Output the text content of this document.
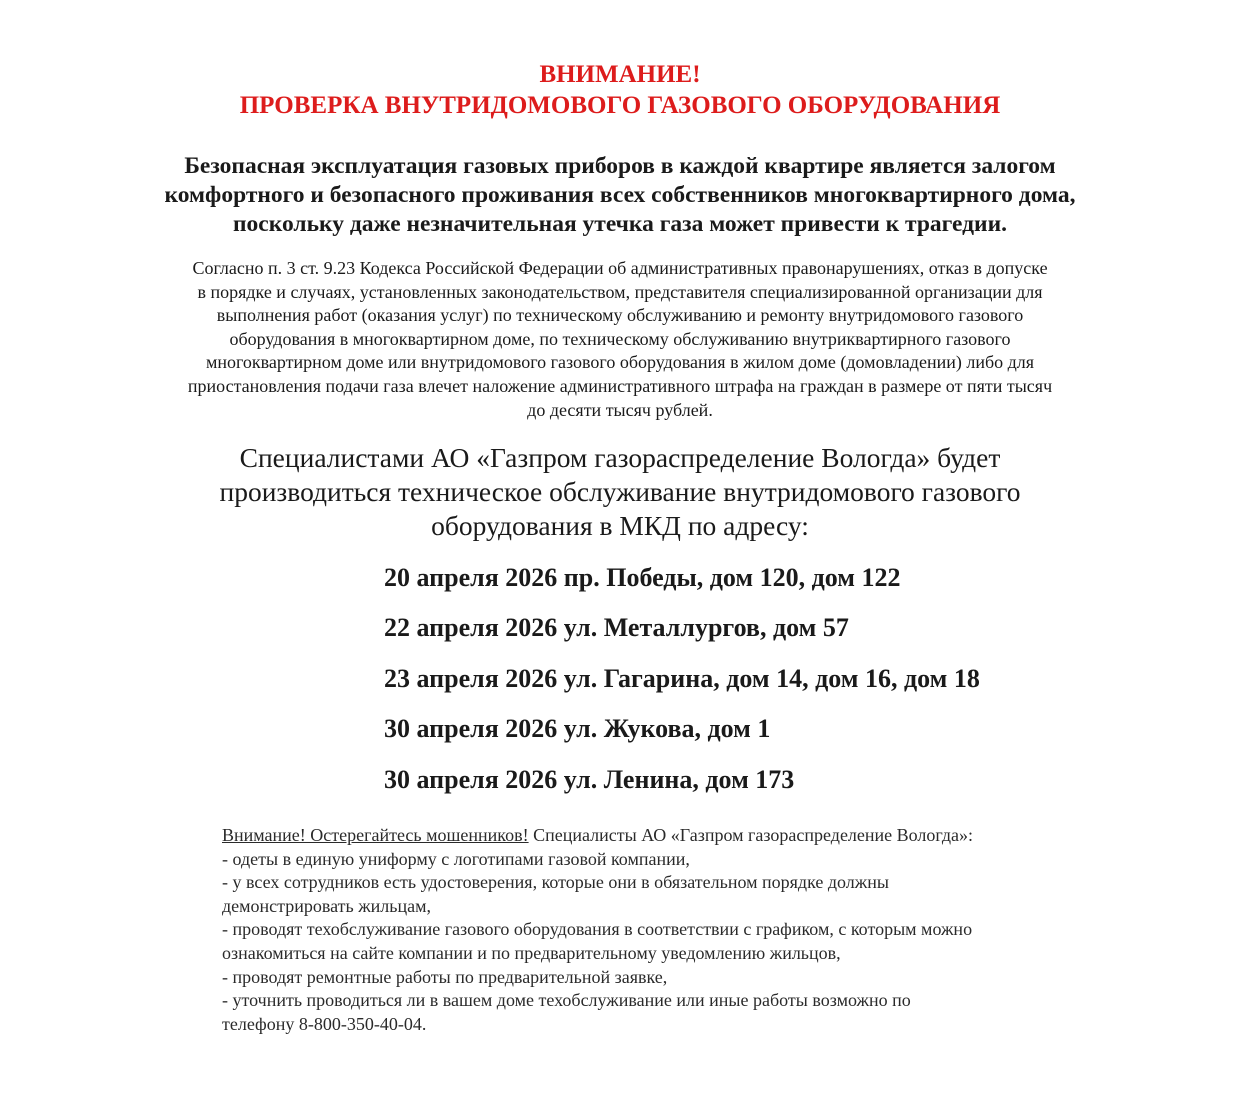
ВНИМАНИЕ!

ПРОВЕРКА ВНУТРИДОМОВОГО ГАЗОВОГО ОБОРУДОВАНИЯ

Безопасная эксплуатация газовых приборов в каждой квартире является залогом
комфортного и безопасного проживания всех собственников многоквартирного дома,
поскольку даже незначительная утечка газа может привести к трагедии.

Согласно п. 3 ст. 9.23 Кодекса Российской Федерации об административных правонарушениях, отказ в допуске
в порядке и случаях, установленных законодательством, представителя специализированной организации для
выполнения работ (оказания услуг) по техническому обслуживанию и ремонту внутридомового газового
оборудования в многоквартирном доме, по техническому обслуживанию внутриквартирного газового
многоквартирном доме или внутридомового газового оборудования в жилом доме (домовладении) либо для
приостановления подачи газа влечет наложение административного штрафа на граждан в размере от пяти тысяч
до десяти тысяч рублей.

Специалистами АО «Газпром газораспределение Вологда» будет
производиться техническое обслуживание внутридомового газового
оборудования в МКД по адресу:

20 апреля 2026 пр. Победы, дом 120, дом 122
22 апреля 2026 ул. Металлургов, дом 57
23 апреля 2026 ул. Гагарина, дом 14, дом 16, дом 18
30 апреля 2026 ул. Жукова, дом 1
30 апреля 2026 ул. Ленина, дом 173
Внимание! Остерегайтесь мошенников! Специалисты АО «Газпром газораспределение Вологда»:
- одеты в единую униформу с логотипами газовой компании,
- у всех сотрудников есть удостоверения, которые они в обязательном порядке должны
демонстрировать жильцам,
- проводят техобслуживание газового оборудования в соответствии с графиком, с которым можно
ознакомиться на сайте компании и по предварительному уведомлению жильцов,
- проводят ремонтные работы по предварительной заявке,
- уточнить проводиться ли в вашем доме техобслуживание или иные работы возможно по
телефону 8-800-350-40-04.
